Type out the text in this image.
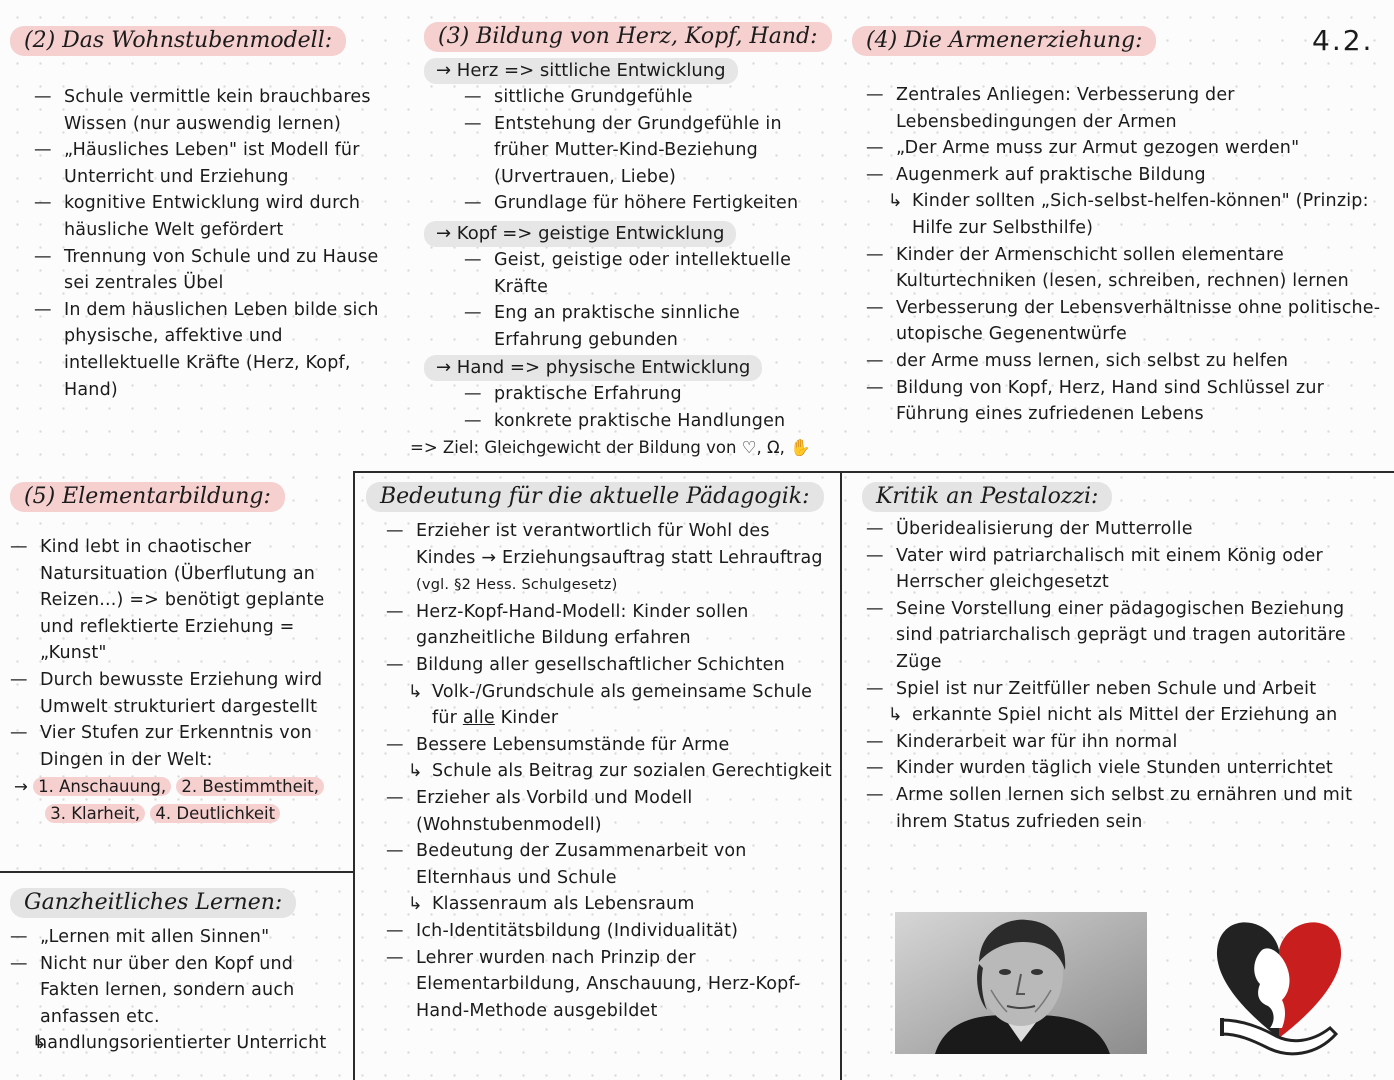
4.2.
(2) Das Wohnstubenmodell:
— Schule vermittle kein brauchbares Wissen (nur auswendig lernen)
— „Häusliches Leben" ist Modell für Unterricht und Erziehung
— kognitive Entwicklung wird durch häusliche Welt gefördert
— Trennung von Schule und zu Hause sei zentrales Übel
— In dem häuslichen Leben bilde sich physische, affektive und intellektuelle Kräfte (Herz, Kopf, Hand)
(3) Bildung von Herz, Kopf, Hand:
→ Herz => sittliche Entwicklung
— sittliche Grundgefühle
— Entstehung der Grundgefühle in früher Mutter-Kind-Beziehung (Urvertrauen, Liebe)
— Grundlage für höhere Fertigkeiten
→ Kopf => geistige Entwicklung
— Geist, geistige oder intellektuelle Kräfte
— Eng an praktische sinnliche Erfahrung gebunden
→ Hand => physische Entwicklung
— praktische Erfahrung
— konkrete praktische Handlungen
=> Ziel: Gleichgewicht der Bildung von ♡, Ω, ✋
(4) Die Armenerziehung:
— Zentrales Anliegen: Verbesserung der Lebensbedingungen der Armen
— „Der Arme muss zur Armut gezogen werden"
— Augenmerk auf praktische Bildung
↳ Kinder sollten „Sich-selbst-helfen-können" (Prinzip: Hilfe zur Selbsthilfe)
— Kinder der Armenschicht sollen elementare Kulturtechniken (lesen, schreiben, rechnen) lernen
— Verbesserung der Lebensverhältnisse ohne politische-utopische Gegenentwürfe
— der Arme muss lernen, sich selbst zu helfen
— Bildung von Kopf, Herz, Hand sind Schlüssel zur Führung eines zufriedenen Lebens
(5) Elementarbildung:
— Kind lebt in chaotischer Natursituation (Überflutung an Reizen...) => benötigt geplante und reflektierte Erziehung = „Kunst"
— Durch bewusste Erziehung wird Umwelt strukturiert dargestellt
— Vier Stufen zur Erkenntnis von Dingen in der Welt:
→ 1. Anschauung, 2. Bestimmtheit,
3. Klarheit, 4. Deutlichkeit
Ganzheitliches Lernen:
— „Lernen mit allen Sinnen"
— Nicht nur über den Kopf und Fakten lernen, sondern auch anfassen etc.
↳ handlungsorientierter Unterricht
Bedeutung für die aktuelle Pädagogik:
— Erzieher ist verantwortlich für Wohl des Kindes → Erziehungsauftrag statt Lehrauftrag (vgl. §2 Hess. Schulgesetz)
— Herz-Kopf-Hand-Modell: Kinder sollen ganzheitliche Bildung erfahren
— Bildung aller gesellschaftlicher Schichten
↳ Volk-/Grundschule als gemeinsame Schule für alle Kinder
— Bessere Lebensumstände für Arme
↳ Schule als Beitrag zur sozialen Gerechtigkeit
— Erzieher als Vorbild und Modell (Wohnstubenmodell)
— Bedeutung der Zusammenarbeit von Elternhaus und Schule
↳ Klassenraum als Lebensraum
— Ich-Identitätsbildung (Individualität)
— Lehrer wurden nach Prinzip der Elementarbildung, Anschauung, Herz-Kopf-Hand-Methode ausgebildet
Kritik an Pestalozzi:
— Überidealisierung der Mutterrolle
— Vater wird patriarchalisch mit einem König oder Herrscher gleichgesetzt
— Seine Vorstellung einer pädagogischen Beziehung sind patriarchalisch geprägt und tragen autoritäre Züge
— Spiel ist nur Zeitfüller neben Schule und Arbeit
↳ erkannte Spiel nicht als Mittel der Erziehung an
— Kinderarbeit war für ihn normal
— Kinder wurden täglich viele Stunden unterrichtet
— Arme sollen lernen sich selbst zu ernähren und mit ihrem Status zufrieden sein
